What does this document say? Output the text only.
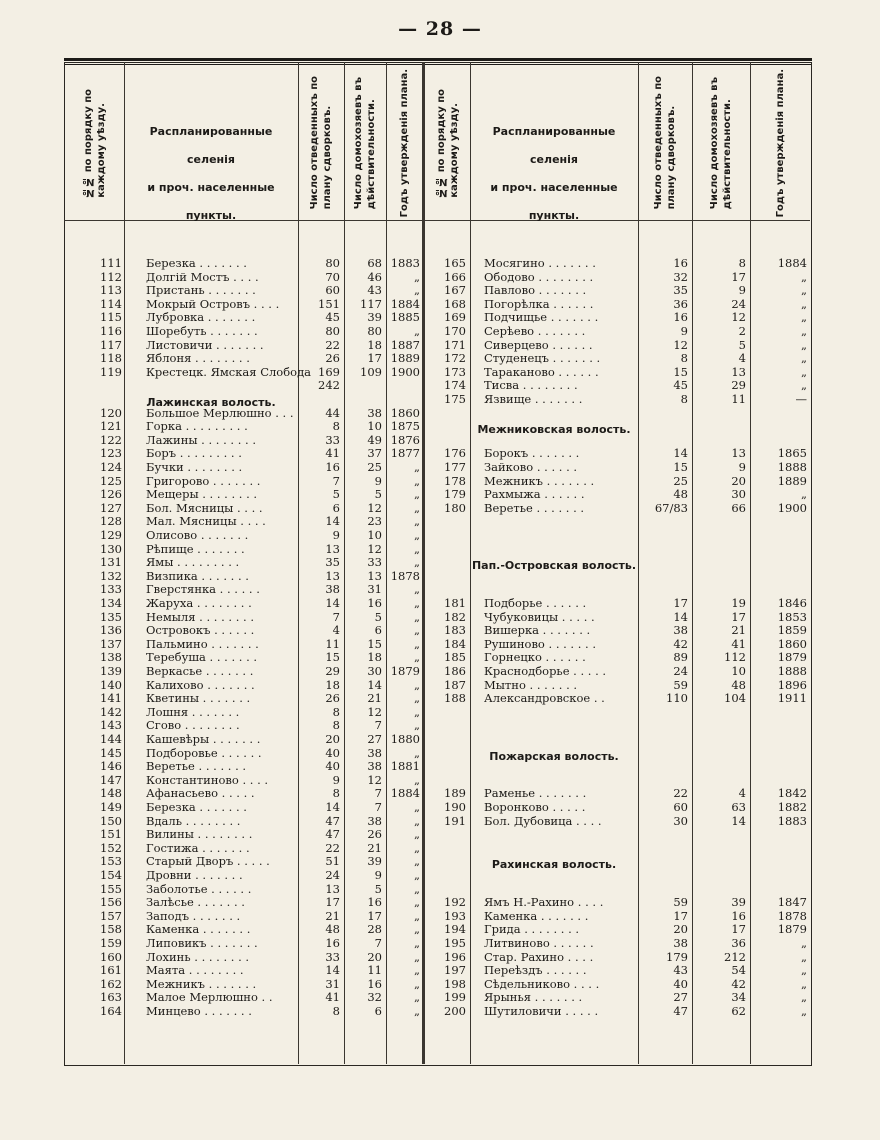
— 28 —
№№ по порядку по
каждому уѣзду.	Распланированные селенія
и проч. населенные пункты.
Число отведенныхъ по
плану сдворковъ.
Число домохозяевъ въ
дѣйствительности. Годъ утвержденія плана.	№№ по порядку по
каждому уѣзду.	Распланированные селенія
и проч. населенные пункты.
Число отведенныхъ по
плану сдворковъ.
Число домохозяевъ въ
дѣйствительности.	Годъ утвержденія плана.
111 Березка . . . . . . .	80	68 1883
112 Долгій Мостъ . . . .	70	46	„
113 Пристань . . . . . . .	60	43	„
114 Мокрый Островъ . . . .	151	117 1884
115 Лубровка . . . . . . .	45	39 1885
116 Шоребуть . . . . . . .	80	80	„
117 Листовичи . . . . . . .	22	18 1887
118 Яблоня . . . . . . . .	26	17 1889
119 Крестецк. Ямская Слобода 169	109 1900
242
Лажинская волость.
120 Большое Мерлюшно . . .	44	38 1860
121 Горка . . . . . . . . .	8	10 1875
122 Лажины . . . . . . . .	33	49 1876
123 Боръ . . . . . . . . .	41	37 1877
124 Бучки . . . . . . . .	16	25	„
125 Григорово . . . . . . .	7	9	„
126 Мещеры . . . . . . . .	5	5	„
127 Бол. Мясницы . . . .	6	12	„
128 Мал. Мясницы . . . .	14	23	„
129 Олисово . . . . . . .	9	10	„
130 Рѣпище . . . . . . .	13	12	„
131 Ямы . . . . . . . . .	35	33	„
132 Визпика . . . . . . .	13	13 1878
133 Гверстянка . . . . . .	38	31	„
134 Жаруха . . . . . . . .	14	16	„
135 Немыля . . . . . . . .	7	5	„
136 Островокъ . . . . . .	4	6	„
137 Пальмино . . . . . . .	11	15	„
138 Теребуша . . . . . . .	15	18	„
139 Веркасье . . . . . . .	29	30 1879
140 Калихово . . . . . . .	18	14	„
141 Кветины . . . . . . .	26	21	„
142 Лошня . . . . . . .	8	12	„
143 Сгово . . . . . . . .	8	7	„
144 Кашевѣры . . . . . . .	20	27 1880
145 Подборовье . . . . . .	40	38	„
146 Веретье . . . . . . .	40	38 1881
147 Константиново . . . .	9	12	„
148 Афанасьево . . . . .	8	7 1884
149 Березка . . . . . . .	14	7	„
150 Вдаль . . . . . . . .	47	38	„
151 Вилины . . . . . . . .	47	26	„
152 Гостижа . . . . . . .	22	21	„
153 Старый Дворъ . . . . .	51	39	„
154 Дровни . . . . . . .	24	9	„
155 Заболотье . . . . . .	13	5	„
156 Залѣсье . . . . . . .	17	16	„
157 Заподъ . . . . . . .	21	17	„
158 Каменка . . . . . . .	48	28	„
159 Липовикъ . . . . . . .	16	7	„
160 Лохинь . . . . . . . .	33	20	„
161 Маята . . . . . . . .	14	11	„
162 Межникъ . . . . . . .	31	16	„
163 Малое Мерлюшно . .	41	32	„
164 Минцево . . . . . . .	8	6	„
165 Мосягино . . . . . . .	16	8	1884
166 Ободово . . . . . . . .	32	17	„
167 Павлово . . . . . . .	35	9	„
168 Погорѣлка . . . . . .	36	24	„
169 Подчищье . . . . . . .	16	12	„
170 Серѣево . . . . . . .	9	2	„
171 Сиверцево . . . . . .	12	5	„
172 Студенецъ . . . . . . .	8	4	„
173 Тараканово . . . . . .	15	13	„
174 Тисва . . . . . . . .	45	29	„
175 Язвище . . . . . . .	8	11	—
Межниковская волость.
176 Борокъ . . . . . . .	14	13	1865
177 Зайково . . . . . .	15	9	1888
178 Межникъ . . . . . . .	25	20	1889
179 Рахмыжа . . . . . .	48	30	„
180 Веретье . . . . . . .	67/83	66	1900
Пап.-Островская волость.
181 Подборье . . . . . .	17	19	1846
182 Чубуковицы . . . . .	14	17	1853
183 Вишерка . . . . . . .	38	21	1859
184 Рушиново . . . . . . .	42	41	1860
185 Горнецко . . . . . .	89	112	1879
186 Краснодборье . . . . .	24	10	1888
187 Мытно . . . . . . .	59	48	1896
188 Александровское . .	110	104	1911
Пожарская волость.
189 Раменье . . . . . . .	22	4	1842
190 Воронково . . . . .	60	63	1882
191 Бол. Дубовица . . . .	30	14	1883
Рахинская волость.
192 Ямъ Н.-Рахино . . . .	59	39	1847
193 Каменка . . . . . . .	17	16	1878
194 Грида . . . . . . . .	20	17	1879
195 Литвиново . . . . . .	38	36	„
196 Стар. Рахино . . . .	179	212	„
197 Переѣздъ . . . . . .	43	54	„
198 Сѣдельниково . . . .	40	42	„
199 Ярынья . . . . . . .	27	34	„
200 Шутиловичи . . . . .	47	62	„
